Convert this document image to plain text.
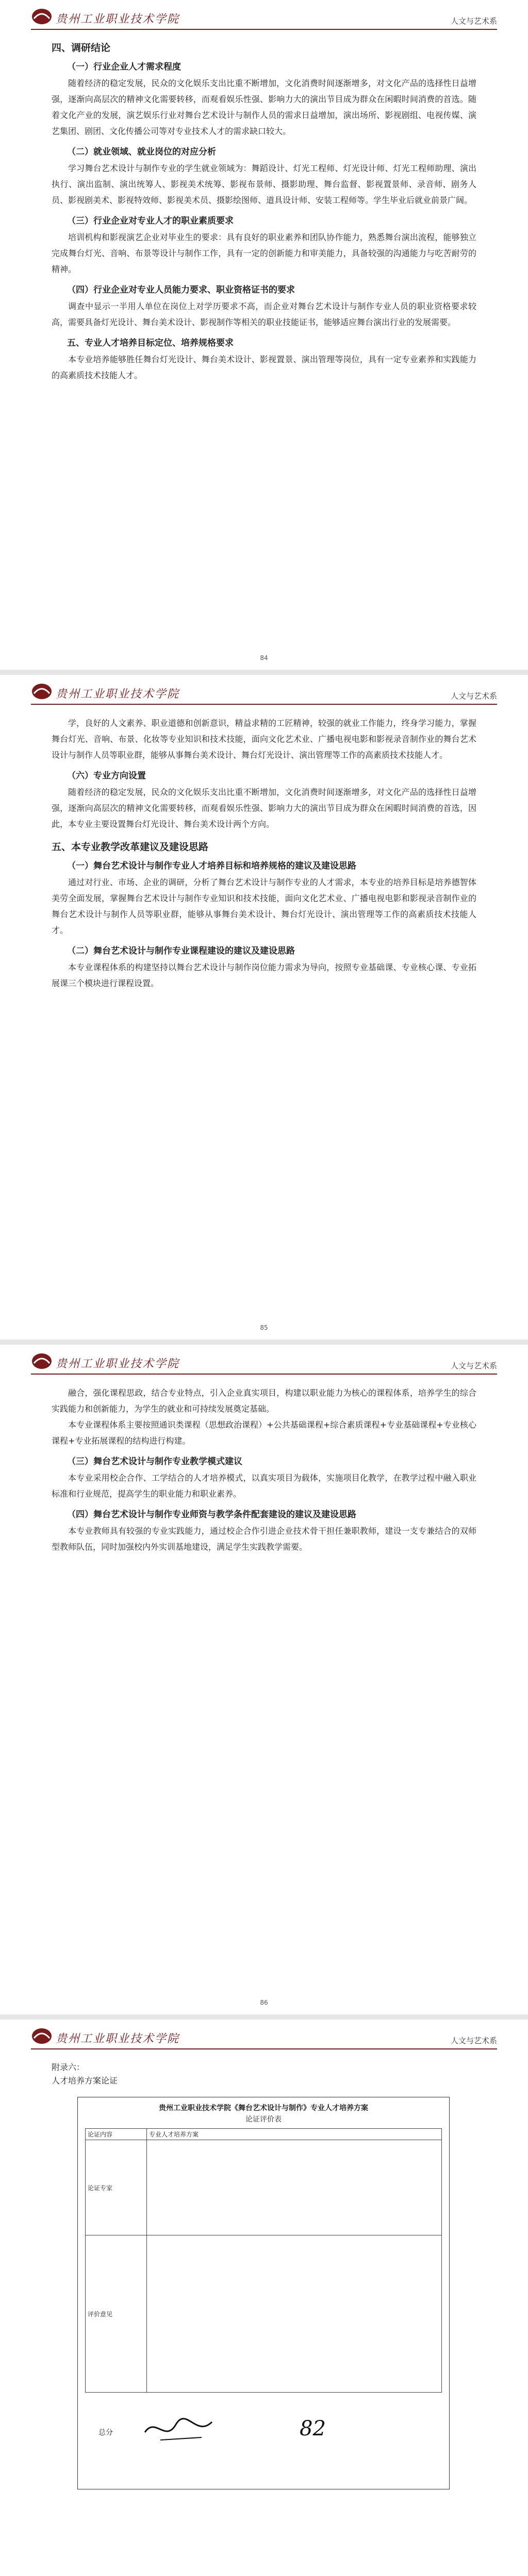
贵州工业职业技术学院	人文与艺术系
四、调研结论
（一）行业企业人才需求程度

随着经济的稳定发展，民众的文化娱乐支出比重不断增加，文化消费时间逐渐增多，对文化产品的选择性日益增强，逐渐向高层次的精神文化需要转移，而观看娱乐性强、影响力大的演出节目成为群众在闲暇时间消费的首选。随着文化产业的发展，演艺娱乐行业对舞台艺术设计与制作人员的需求日益增加，演出场所、影视剧组、电视传媒、演艺集团、剧团、文化传播公司等对专业技术人才的需求缺口较大。

（二）就业领域、就业岗位的对应分析

学习舞台艺术设计与制作专业的学生就业领域为：舞蹈设计、灯光工程师、灯光设计师、灯光工程师助理、演出执行、演出监制、演出统筹人、影视美术统筹、影视布景师、摄影助理、舞台监督、影视置景师、录音师、剧务人员、影视剧美术、影视特效师、影视美术员、摄影绘图师、道具设计师、安装工程师等。学生毕业后就业前景广阔。

（三）行业企业对专业人才的职业素质要求

培训机构和影视演艺企业对毕业生的要求：具有良好的职业素养和团队协作能力，熟悉舞台演出流程，能够独立完成舞台灯光、音响、布景等设计与制作工作，具有一定的创新能力和审美能力，具备较强的沟通能力与吃苦耐劳的精神。

（四）行业企业对专业人员能力要求、职业资格证书的要求

调查中显示一半用人单位在岗位上对学历要求不高，而企业对舞台艺术设计与制作专业人员的职业资格要求较高，需要具备灯光设计、舞台美术设计、影视制作等相关的职业技能证书，能够适应舞台演出行业的发展需要。

五、专业人才培养目标定位、培养规格要求

本专业培养能够胜任舞台灯光设计、舞台美术设计、影视置景、演出管理等岗位，具有一定专业素养和实践能力的高素质技术技能人才。

84
贵州工业职业技术学院	人文与艺术系

学，良好的人文素养、职业道德和创新意识，精益求精的工匠精神，较强的就业工作能力，终身学习能力，掌握舞台灯光、音响、布景、化妆等专业知识和技术技能，面向文化艺术业、广播电视电影和影视录音制作业的舞台艺术设计与制作人员等职业群，能够从事舞台美术设计、舞台灯光设计、演出管理等工作的高素质技术技能人才。

（六）专业方向设置

随着经济的稳定发展，民众的文化娱乐支出比重不断增加，文化消费时间逐渐增多，对文化产品的选择性日益增强，逐渐向高层次的精神文化需要转移，而观看娱乐性强、影响力大的演出节目成为群众在闲暇时间消费的首选，因此，本专业主要设置舞台灯光设计、舞台美术设计两个方向。

五、本专业教学改革建议及建设思路
（一）舞台艺术设计与制作专业人才培养目标和培养规格的建议及建设思路

通过对行业、市场、企业的调研，分析了舞台艺术设计与制作专业的人才需求，本专业的培养目标是培养德智体美劳全面发展，掌握舞台艺术设计与制作专业知识和技术技能，面向文化艺术业、广播电视电影和影视录音制作业的舞台艺术设计与制作人员等职业群，能够从事舞台美术设计、舞台灯光设计、演出管理等工作的高素质技术技能人才。

（二）舞台艺术设计与制作专业课程建设的建议及建设思路

本专业课程体系的构建坚持以舞台艺术设计与制作岗位能力需求为导向，按照专业基础课、专业核心课、专业拓展课三个模块进行课程设置。

85
贵州工业职业技术学院	人文与艺术系

融合，强化课程思政，结合专业特点，引入企业真实项目，构建以职业能力为核心的课程体系，培养学生的综合实践能力和创新能力，为学生的就业和可持续发展奠定基础。

本专业课程体系主要按照通识类课程（思想政治课程）+公共基础课程+综合素质课程+专业基础课程+专业核心课程+专业拓展课程的结构进行构建。

（三）舞台艺术设计与制作专业教学模式建议

本专业采用校企合作、工学结合的人才培养模式，以真实项目为载体，实施项目化教学，在教学过程中融入职业标准和行业规范，提高学生的职业能力和职业素养。

（四）舞台艺术设计与制作专业师资与教学条件配套建设的建议及建设思路

本专业教师具有较强的专业实践能力，通过校企合作引进企业技术骨干担任兼职教师，建设一支专兼结合的双师型教师队伍，同时加强校内外实训基地建设，满足学生实践教学需要。

86
贵州工业职业技术学院	人文与艺术系
附录六：
人才培养方案论证
贵州工业职业技术学院《舞台艺术设计与制作》专业人才培养方案
论证评价表
论证内容	专业人才培养方案
论证专家	
评价意见	
总分	82
